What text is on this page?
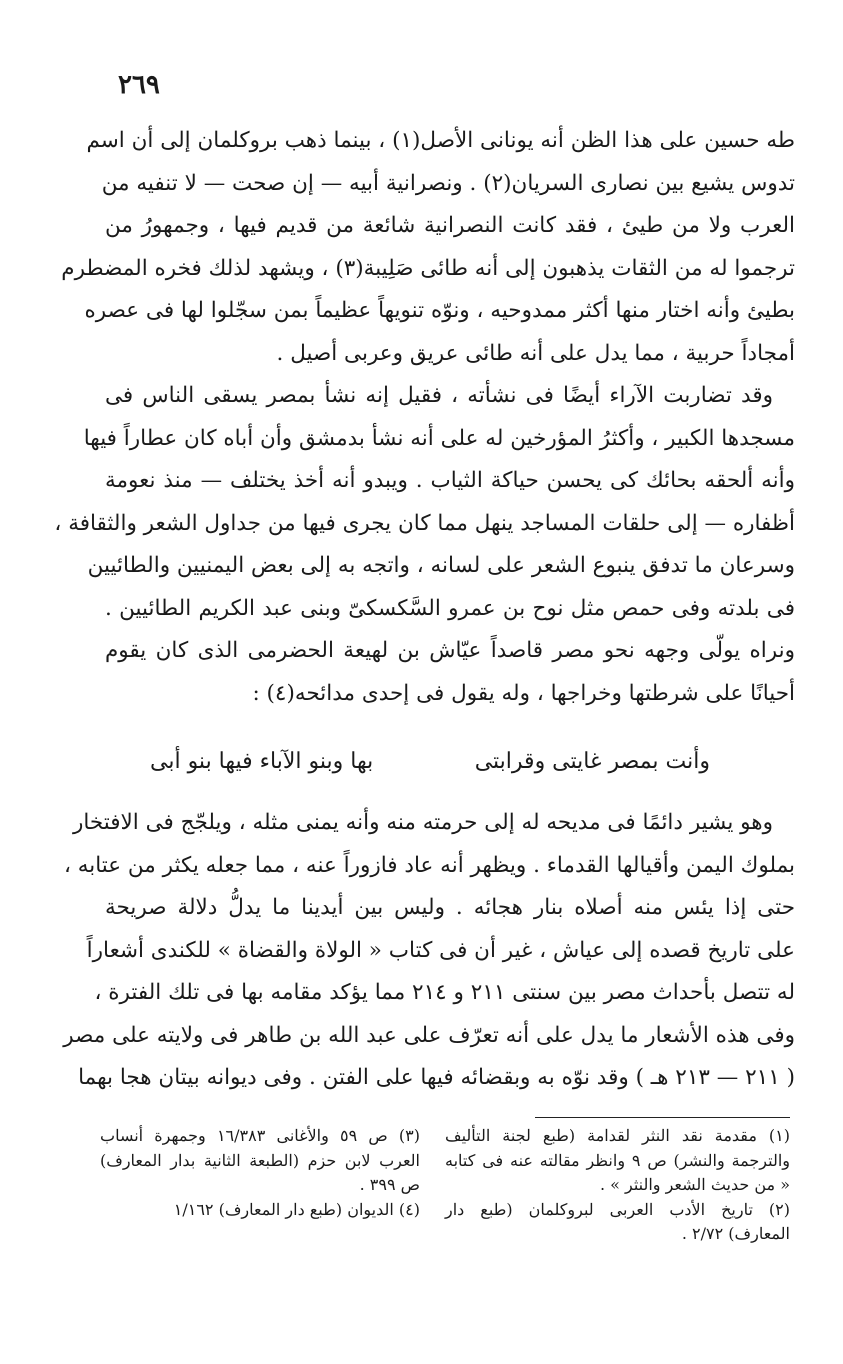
٢٦٩
طه حسين على هذا الظن أنه يونانى الأصل(١) ، بينما ذهب بروكلمان إلى أن اسم
تدوس يشيع بين نصارى السريان(٢) . ونصرانية أبيه — إن صحت — لا تنفيه من
العرب ولا من طيئ ، فقد كانت النصرانية شائعة من قديم فيها ، وجمهورُ من
ترجموا له من الثقات يذهبون إلى أنه طائى صَلِيبة(٣) ، ويشهد لذلك فخره المضطرم
بطيئ وأنه اختار منها أكثر ممدوحيه ، ونوّه تنويهاً عظيماً بمن سجّلوا لها فى عصره
أمجاداً حربية ، مما يدل على أنه طائى عريق وعربى أصيل .
وقد تضاربت الآراء أيضًا فى نشأته ، فقيل إنه نشأ بمصر يسقى الناس فى
مسجدها الكبير ، وأكثرُ المؤرخين له على أنه نشأ بدمشق وأن أباه كان عطاراً فيها
وأنه ألحقه بحائك كى يحسن حياكة الثياب . ويبدو أنه أخذ يختلف — منذ نعومة
أظفاره — إلى حلقات المساجد ينهل مما كان يجرى فيها من جداول الشعر والثقافة ،
وسرعان ما تدفق ينبوع الشعر على لسانه ، واتجه به إلى بعض اليمنيين والطائيين
فى بلدته وفى حمص مثل نوح بن عمرو السَّكسكىّ وبنى عبد الكريم الطائيين .
ونراه يولّى وجهه نحو مصر قاصداً عيّاش بن لهيعة الحضرمى الذى كان يقوم
أحيانًا على شرطتها وخراجها ، وله يقول فى إحدى مدائحه(٤) :
وأنت بمصر غايتى وقرابتى
بها وبنو الآباء فيها بنو أبى
وهو يشير دائمًا فى مديحه له إلى حرمته منه وأنه يمنى مثله ، ويلجّج فى الافتخار
بملوك اليمن وأقيالها القدماء . ويظهر أنه عاد فازوراً عنه ، مما جعله يكثر من عتابه ،
حتى إذا يئس منه أصلاه بنار هجائه . وليس بين أيدينا ما يدلُّ دلالة صريحة
على تاريخ قصده إلى عياش ، غير أن فى كتاب « الولاة والقضاة » للكندى أشعاراً
له تتصل بأحداث مصر بين سنتى ٢١١ و ٢١٤ مما يؤكد مقامه بها فى تلك الفترة ،
وفى هذه الأشعار ما يدل على أنه تعرّف على عبد الله بن طاهر فى ولايته على مصر
( ٢١١ — ٢١٣ هـ ) وقد نوّه به وبقضائه فيها على الفتن . وفى ديوانه بيتان هجا بهما
(١) مقدمة نقد النثر لقدامة (طبع لجنة التأليف والترجمة والنشر) ص ٩ وانظر مقالته عنه فى كتابه « من حديث الشعر والنثر » .
(٢) تاريخ الأدب العربى لبروكلمان (طبع دار المعارف) ٢/٧٢ .
(٣) ص ٥٩ والأغانى ١٦/٣٨٣ وجمهرة أنساب العرب لابن حزم (الطبعة الثانية بدار المعارف) ص ٣٩٩ .
(٤) الديوان (طبع دار المعارف) ١/١٦٢
